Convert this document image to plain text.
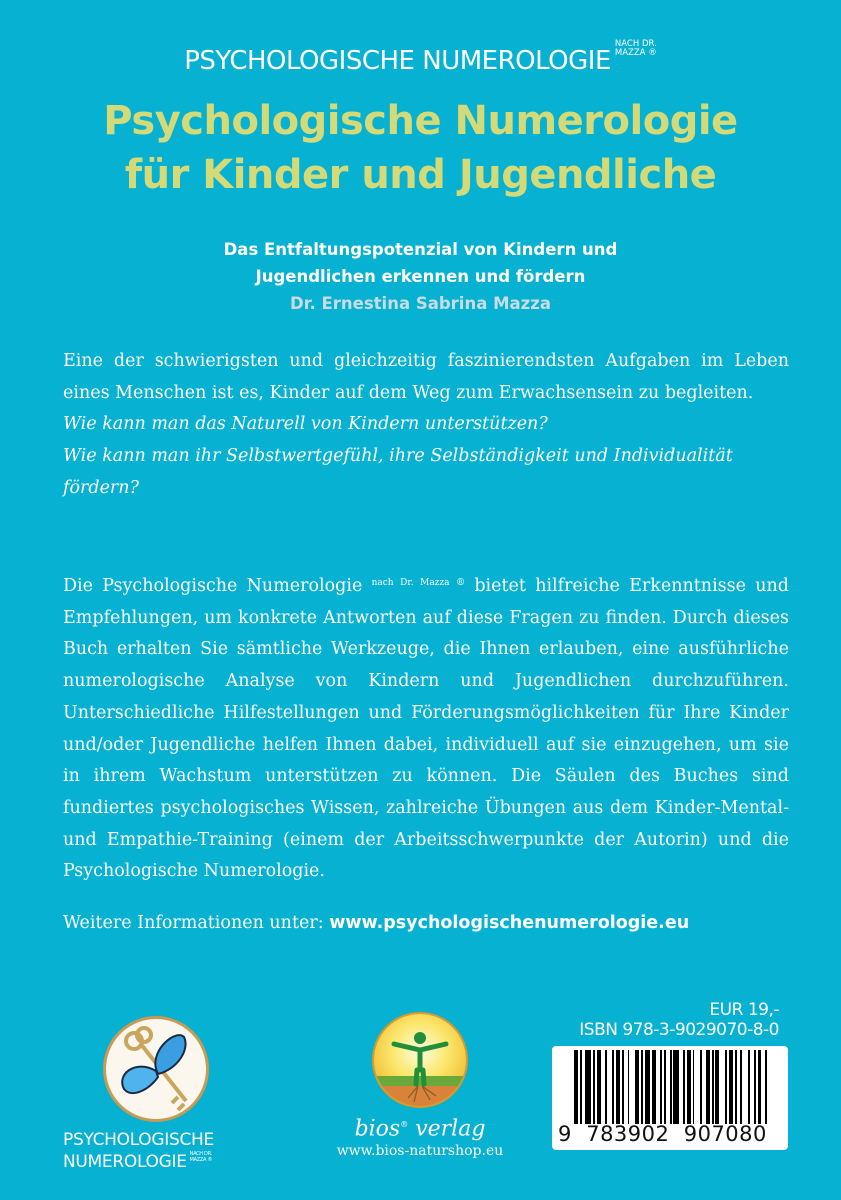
PSYCHOLOGISCHE NUMEROLOGIENACH DR.
MAZZA ®
Psychologische Numerologie
für Kinder und Jugendliche
Das Entfaltungspotenzial von Kindern und
Jugendlichen erkennen und fördern
Dr. Ernestina Sabrina Mazza
Eine der schwierigsten und gleichzeitig faszinierendsten Aufgaben im Leben eines Menschen ist es, Kinder auf dem Weg zum Erwachsensein zu begleiten.
Wie kann man das Naturell von Kindern unterstützen?
Wie kann man ihr Selbstwertgefühl, ihre Selbständigkeit und Individualität fördern?
Die Psychologische Numerologie $^{nach Dr. Mazza ®}$ bietet hilfreiche Erkenntnisse und Empfehlungen, um konkrete Antworten auf diese Fragen zu finden. Durch dieses Buch erhalten Sie sämtliche Werkzeuge, die Ihnen erlauben, eine ausführliche numerologische Analyse von Kindern und Jugendlichen durchzuführen. Unterschiedliche Hilfestellungen und Förderungsmöglichkeiten für Ihre Kinder und/oder Jugendliche helfen Ihnen dabei, individuell auf sie einzugehen, um sie in ihrem Wachstum unterstützen zu können. Die Säulen des Buches sind fundiertes psychologisches Wissen, zahlreiche Übungen aus dem Kinder-Mental- und Empathie-Training (einem der Arbeitsschwerpunkte der Autorin) und die Psychologische Numerologie.
Weitere Informationen unter: www.psychologischenumerologie.eu
PSYCHOLOGISCHE
NUMEROLOGIE NACH DR.
MAZZA ®
bios® verlag
www.bios-naturshop.eu
EUR 19,-
ISBN 978-3-9029070-8-0
9  783902  907080
